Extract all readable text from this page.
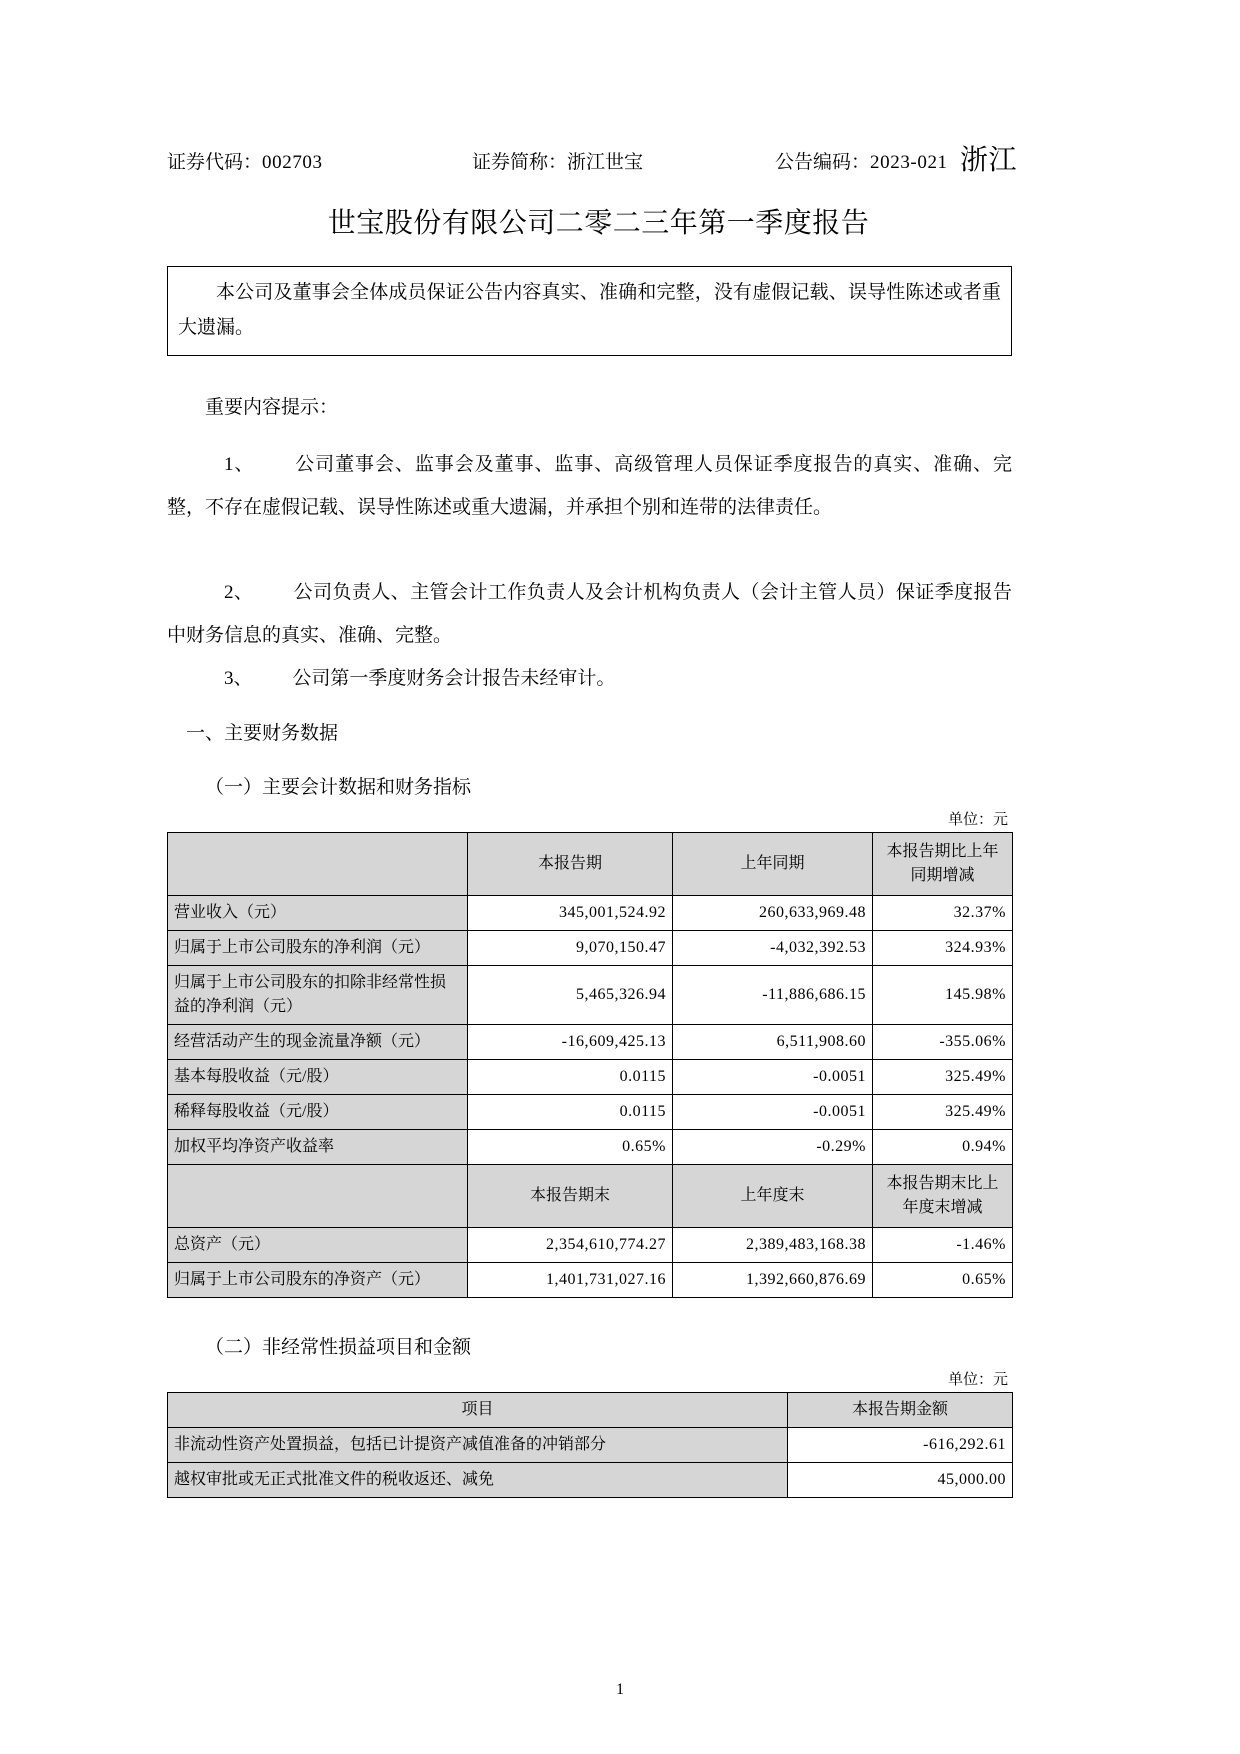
证券代码：002703	证券简称：浙江世宝	公告编码：2023-021 浙江
世宝股份有限公司二零二三年第一季度报告

本公司及董事会全体成员保证公告内容真实、准确和完整，没有虚假记载、误导性陈述或者重大遗漏。

重要内容提示：

1、 公司董事会、监事会及董事、监事、高级管理人员保证季度报告的真实、准确、完整，不存在虚假记载、误导性陈述或重大遗漏，并承担个别和连带的法律责任。

2、 公司负责人、主管会计工作负责人及会计机构负责人（会计主管人员）保证季度报告中财务信息的真实、准确、完整。

3、 公司第一季度财务会计报告未经审计。

一、主要财务数据

（一）主要会计数据和财务指标

单位：元
	本报告期	上年同期	本报告期比上年同期增减
营业收入（元）	345,001,524.92	260,633,969.48	32.37%
归属于上市公司股东的净利润（元）	9,070,150.47	-4,032,392.53	324.93%
归属于上市公司股东的扣除非经常性损益的净利润（元）	5,465,326.94	-11,886,686.15	145.98%
经营活动产生的现金流量净额（元）	-16,609,425.13	6,511,908.60	-355.06%
基本每股收益（元/股）	0.0115	-0.0051	325.49%
稀释每股收益（元/股）	0.0115	-0.0051	325.49%
加权平均净资产收益率	0.65%	-0.29%	0.94%
	本报告期末	上年度末	本报告期末比上年度末增减
总资产（元）	2,354,610,774.27	2,389,483,168.38	-1.46%
归属于上市公司股东的净资产（元）	1,401,731,027.16	1,392,660,876.69	0.65%

（二）非经常性损益项目和金额

单位：元
项目	本报告期金额
非流动性资产处置损益，包括已计提资产减值准备的冲销部分	-616,292.61
越权审批或无正式批准文件的税收返还、减免	45,000.00
1
